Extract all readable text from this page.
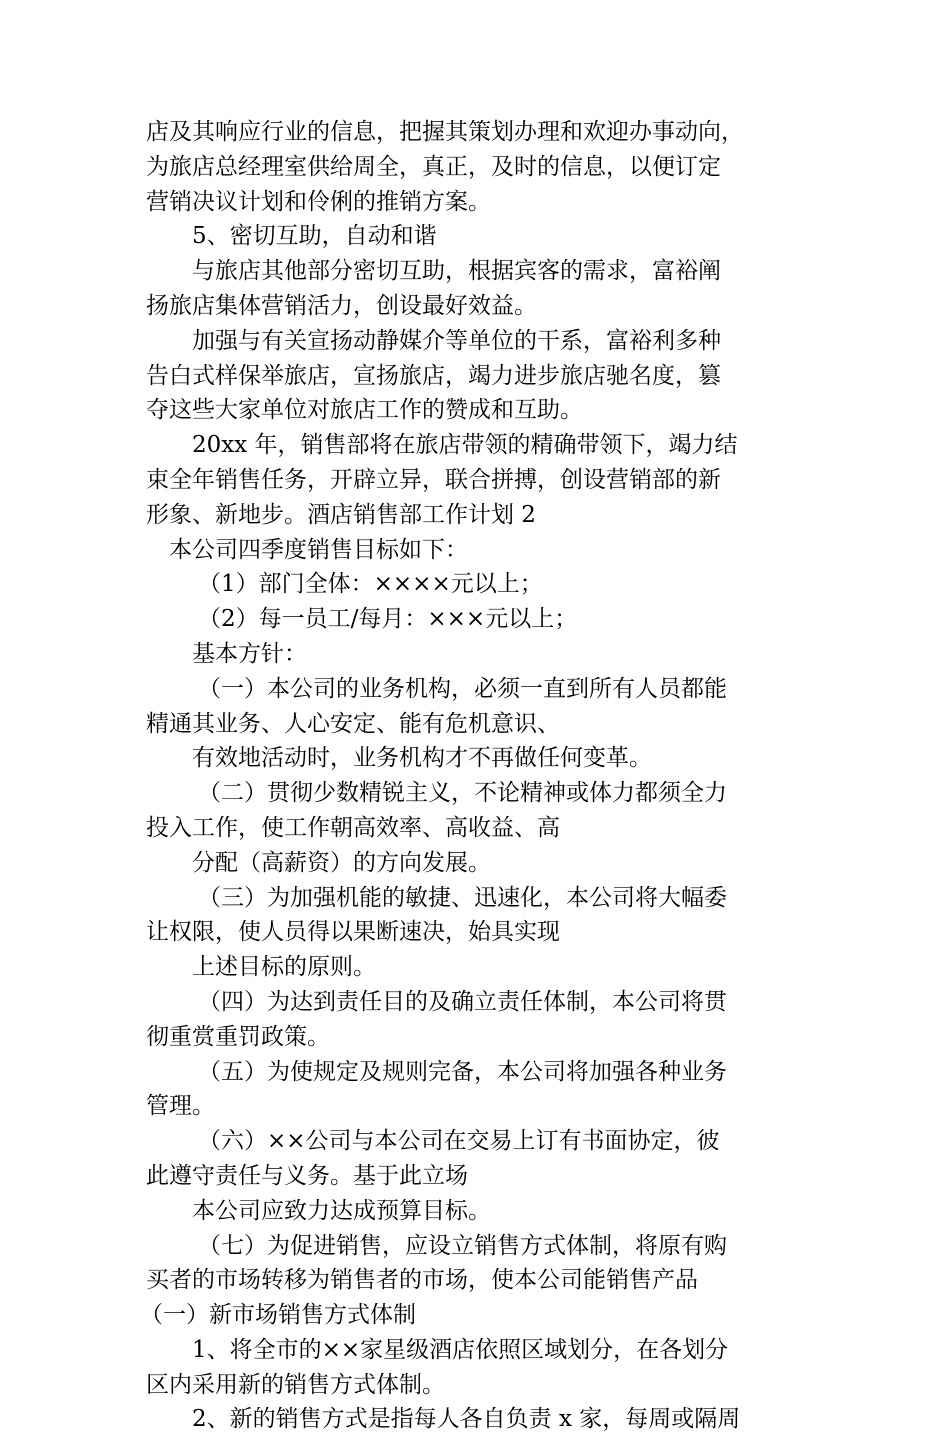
店及其响应行业的信息，把握其策划办理和欢迎办事动向，
为旅店总经理室供给周全，真正，及时的信息，以便订定
营销决议计划和伶俐的推销方案。
5、密切互助，自动和谐
与旅店其他部分密切互助，根据宾客的需求，富裕阐
扬旅店集体营销活力，创设最好效益。
加强与有关宣扬动静媒介等单位的干系，富裕利多种
告白式样保举旅店，宣扬旅店，竭力进步旅店驰名度，篡
夺这些大家单位对旅店工作的赞成和互助。
20xx 年，销售部将在旅店带领的精确带领下，竭力结
束全年销售任务，开辟立异，联合拼搏，创设营销部的新
形象、新地步。酒店销售部工作计划 2
本公司四季度销售目标如下：
（1）部门全体：××××元以上；
（2）每一员工/每月：×××元以上；
基本方针：
（一）本公司的业务机构，必须一直到所有人员都能
精通其业务、人心安定、能有危机意识、
有效地活动时，业务机构才不再做任何变革。
（二）贯彻少数精锐主义，不论精神或体力都须全力
投入工作，使工作朝高效率、高收益、高
分配（高薪资）的方向发展。
（三）为加强机能的敏捷、迅速化，本公司将大幅委
让权限，使人员得以果断速决，始具实现
上述目标的原则。
（四）为达到责任目的及确立责任体制，本公司将贯
彻重赏重罚政策。
（五）为使规定及规则完备，本公司将加强各种业务
管理。
（六）××公司与本公司在交易上订有书面协定，彼
此遵守责任与义务。基于此立场
本公司应致力达成预算目标。
（七）为促进销售，应设立销售方式体制，将原有购
买者的市场转移为销售者的市场，使本公司能销售产品
（一）新市场销售方式体制
1、将全市的××家星级酒店依照区域划分，在各划分
区内采用新的销售方式体制。
2、新的销售方式是指每人各自负责 x 家，每周或隔周
